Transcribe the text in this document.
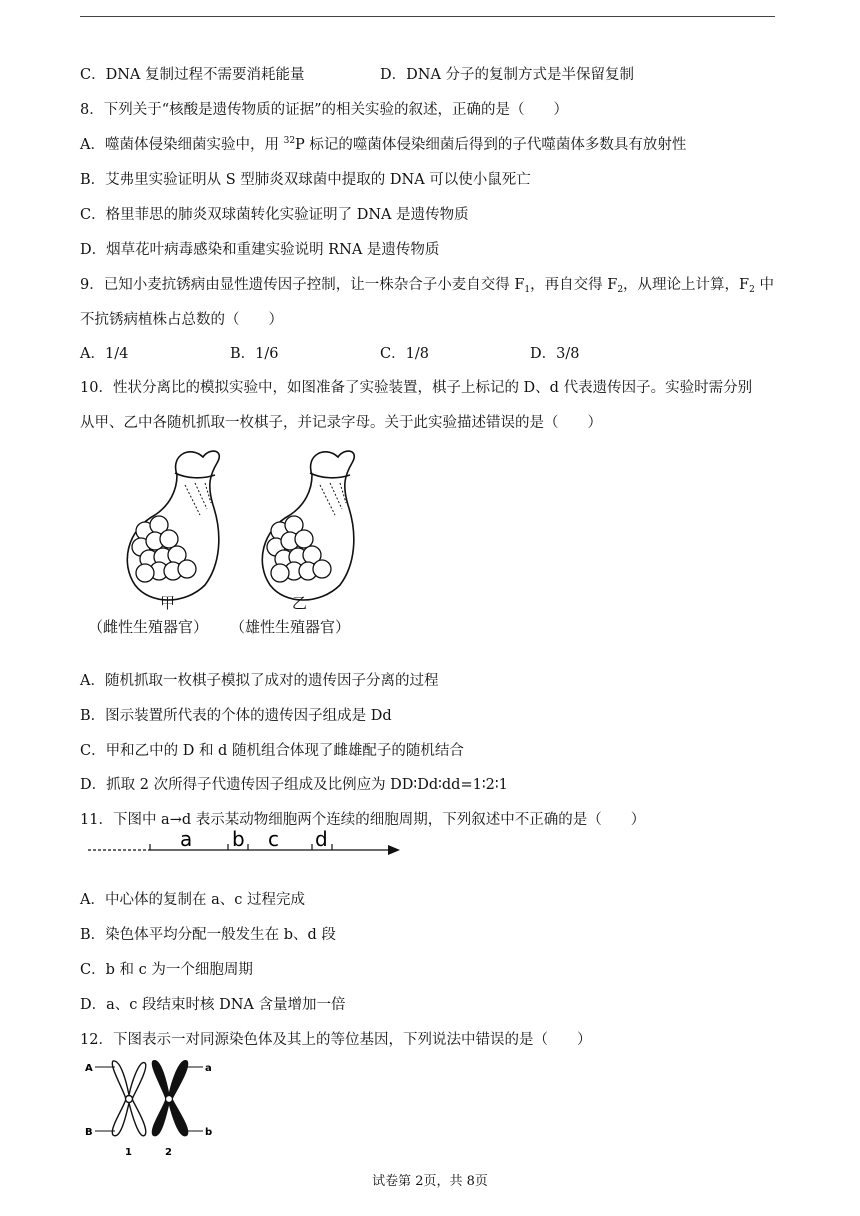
C．DNA 复制过程不需要消耗能量	D．DNA 分子的复制方式是半保留复制
8．下列关于“核酸是遗传物质的证据”的相关实验的叙述，正确的是（　　）
A．噬菌体侵染细菌实验中，用 $^{32}$P 标记的噬菌体侵染细菌后得到的子代噬菌体多数具有放射性
B．艾弗里实验证明从 S 型肺炎双球菌中提取的 DNA 可以使小鼠死亡
C．格里菲思的肺炎双球菌转化实验证明了 DNA 是遗传物质
D．烟草花叶病毒感染和重建实验说明 RNA 是遗传物质
9．已知小麦抗锈病由显性遗传因子控制，让一株杂合子小麦自交得 $F_1$，再自交得 $F_2$，从理论上计算，$F_2$ 中
不抗锈病植株占总数的（　　）
A．1/4	B．1/6	C．1/8	D．3/8
10．性状分离比的模拟实验中，如图准备了实验装置，棋子上标记的 D、d 代表遗传因子。实验时需分别
从甲、乙中各随机抓取一枚棋子，并记录字母。关于此实验描述错误的是（　　）
甲	乙
（雌性生殖器官） （雄性生殖器官）
A．随机抓取一枚棋子模拟了成对的遗传因子分离的过程
B．图示装置所代表的个体的遗传因子组成是 Dd
C．甲和乙中的 D 和 d 随机组合体现了雌雄配子的随机结合
D．抓取 2 次所得子代遗传因子组成及比例应为 DD∶Dd∶dd=1∶2∶1
11．下图中 a→d 表示某动物细胞两个连续的细胞周期，下列叙述中不正确的是（　　）
a b c d
A．中心体的复制在 a、c 过程完成
B．染色体平均分配一般发生在 b、d 段
C．b 和 c 为一个细胞周期
D．a、c 段结束时核 DNA 含量增加一倍
12．下图表示一对同源染色体及其上的等位基因，下列说法中错误的是（　　）
A
B
a
b
1	2
试卷第 2页，共 8页
